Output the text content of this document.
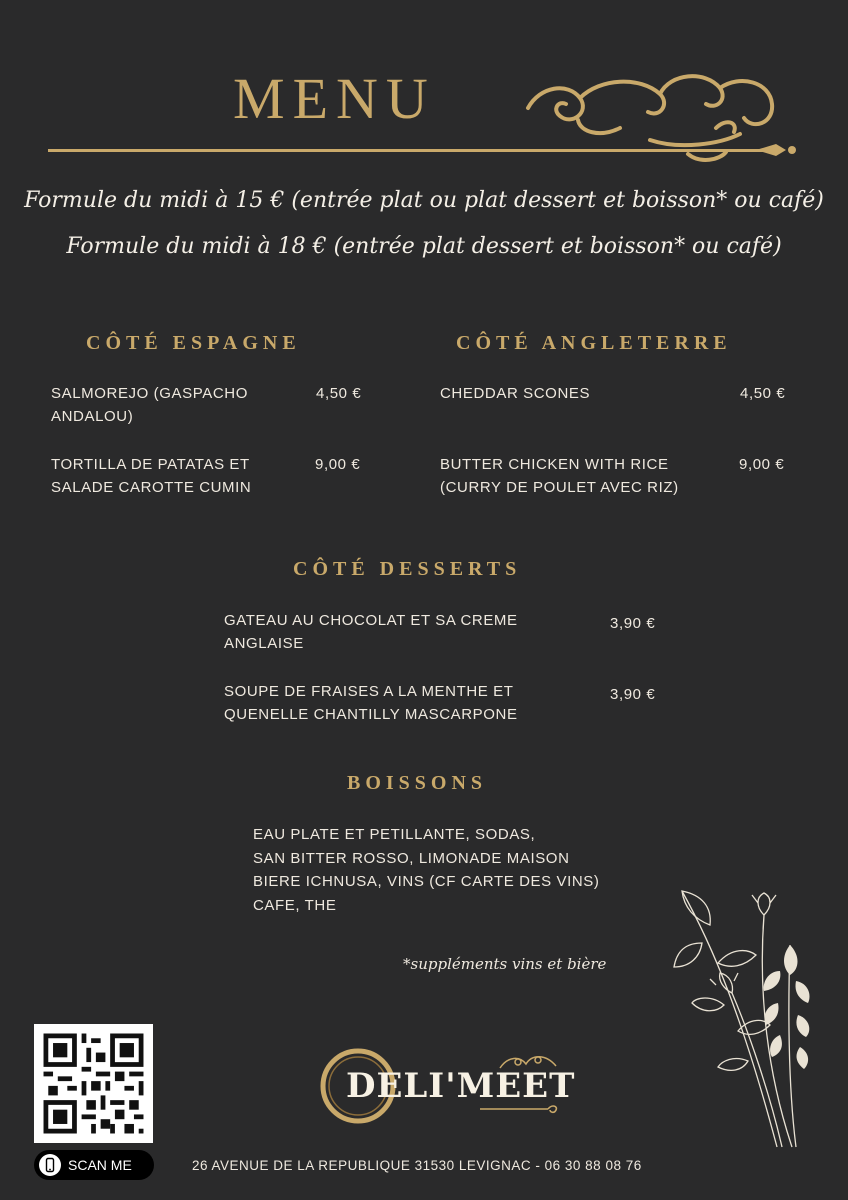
MENU
Formule du midi à 15 € (entrée plat ou plat dessert et boisson* ou café)
Formule du midi à 18 € (entrée plat dessert et boisson* ou café)
CÔTÉ ESPAGNE
SALMOREJO (GASPACHO
ANDALOU)
4,50 €
TORTILLA DE PATATAS ET
SALADE CAROTTE CUMIN
9,00 €
CÔTÉ ANGLETERRE
CHEDDAR SCONES	4,50 €
BUTTER CHICKEN WITH RICE
(CURRY DE POULET AVEC RIZ)
9,00 €
CÔTÉ DESSERTS
GATEAU AU CHOCOLAT ET SA CREME
ANGLAISE
3,90 €
SOUPE DE FRAISES A LA MENTHE ET
QUENELLE CHANTILLY MASCARPONE
3,90 €
BOISSONS
EAU PLATE ET PETILLANTE, SODAS,
SAN BITTER ROSSO, LIMONADE MAISON
BIERE ICHNUSA, VINS (CF CARTE DES VINS)
CAFE, THE
*suppléments vins et bière
SCAN ME
DELI'MEET
26 AVENUE DE LA REPUBLIQUE 31530 LEVIGNAC - 06 30 88 08 76
